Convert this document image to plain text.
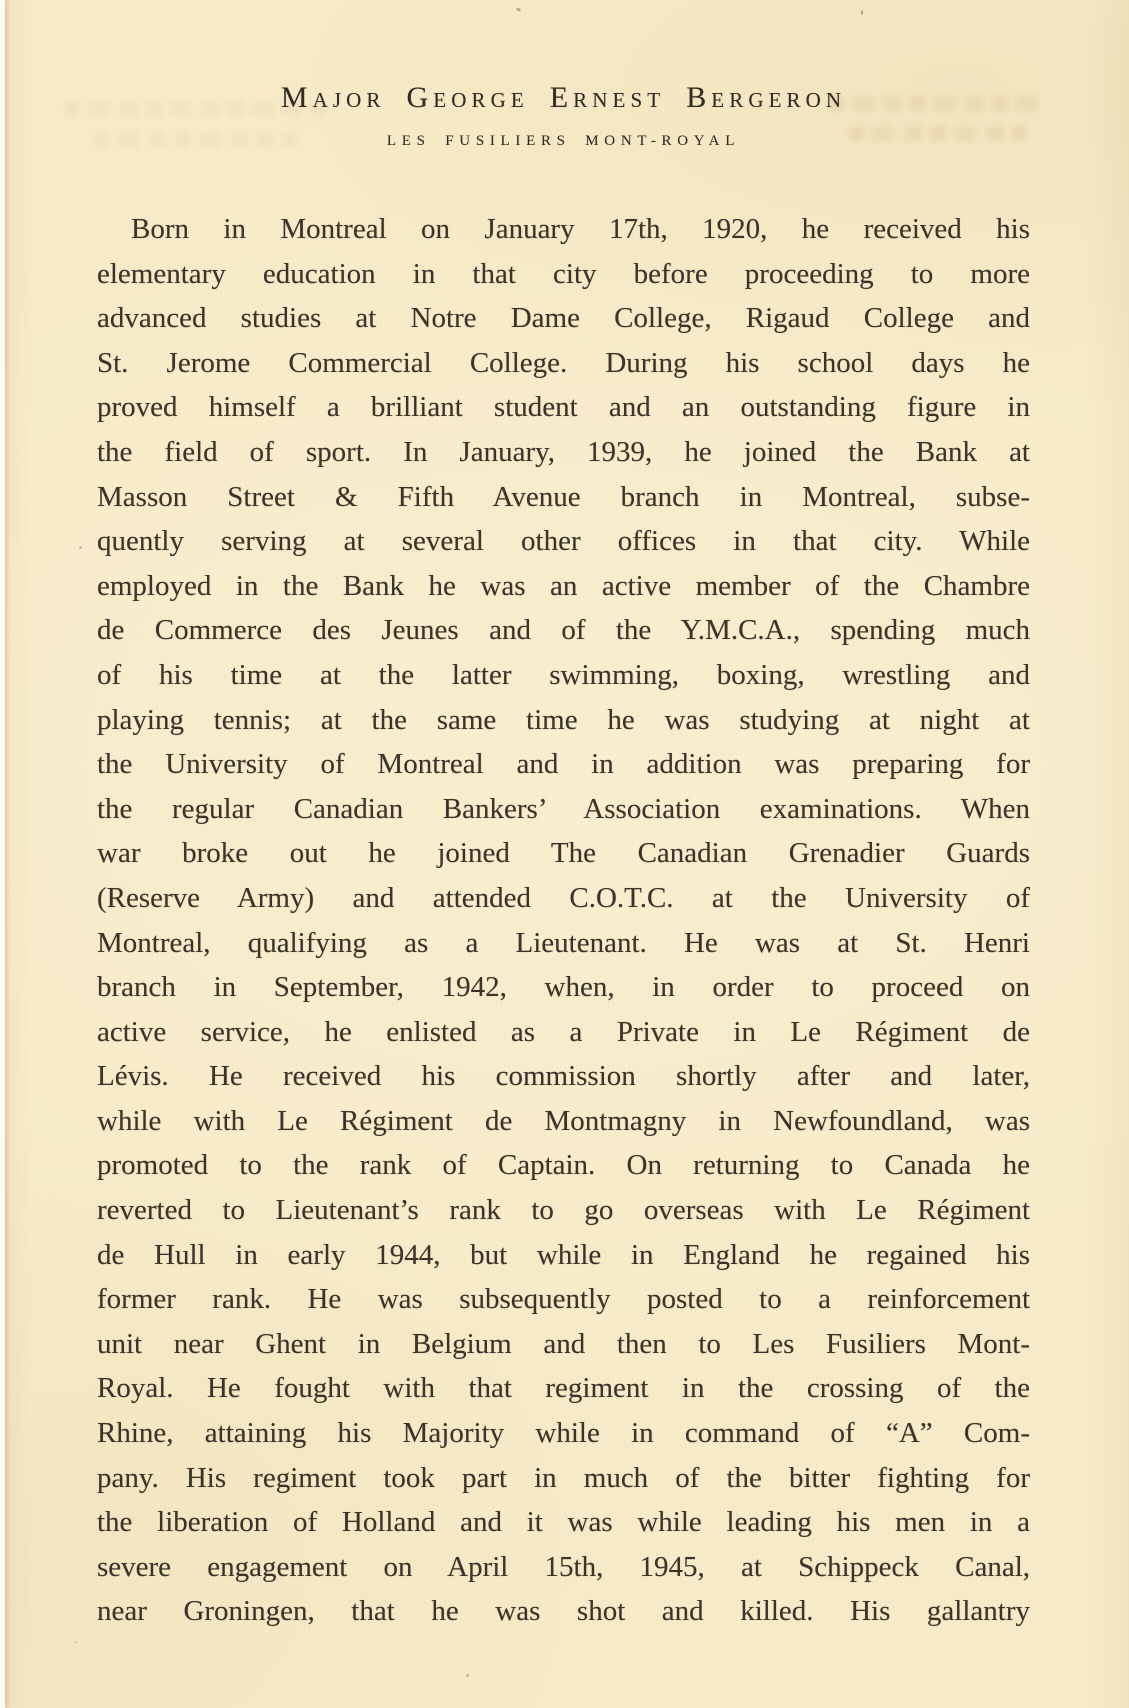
Major George Ernest Bergeron
LES FUSILIERS MONT-ROYAL
Born in Montreal on January 17th, 1920, he received his
elementary education in that city before proceeding to more
advanced studies at Notre Dame College, Rigaud College and
St. Jerome Commercial College. During his school days he
proved himself a brilliant student and an outstanding figure in
the field of sport. In January, 1939, he joined the Bank at
Masson Street & Fifth Avenue branch in Montreal, subse-
quently serving at several other offices in that city. While
employed in the Bank he was an active member of the Chambre
de Commerce des Jeunes and of the Y.M.C.A., spending much
of his time at the latter swimming, boxing, wrestling and
playing tennis; at the same time he was studying at night at
the University of Montreal and in addition was preparing for
the regular Canadian Bankers’ Association examinations. When
war broke out he joined The Canadian Grenadier Guards
(Reserve Army) and attended C.O.T.C. at the University of
Montreal, qualifying as a Lieutenant. He was at St. Henri
branch in September, 1942, when, in order to proceed on
active service, he enlisted as a Private in Le Régiment de
Lévis. He received his commission shortly after and later,
while with Le Régiment de Montmagny in Newfoundland, was
promoted to the rank of Captain. On returning to Canada he
reverted to Lieutenant’s rank to go overseas with Le Régiment
de Hull in early 1944, but while in England he regained his
former rank. He was subsequently posted to a reinforcement
unit near Ghent in Belgium and then to Les Fusiliers Mont-
Royal. He fought with that regiment in the crossing of the
Rhine, attaining his Majority while in command of “A” Com-
pany. His regiment took part in much of the bitter fighting for
the liberation of Holland and it was while leading his men in a
severe engagement on April 15th, 1945, at Schippeck Canal,
near Groningen, that he was shot and killed. His gallantry
